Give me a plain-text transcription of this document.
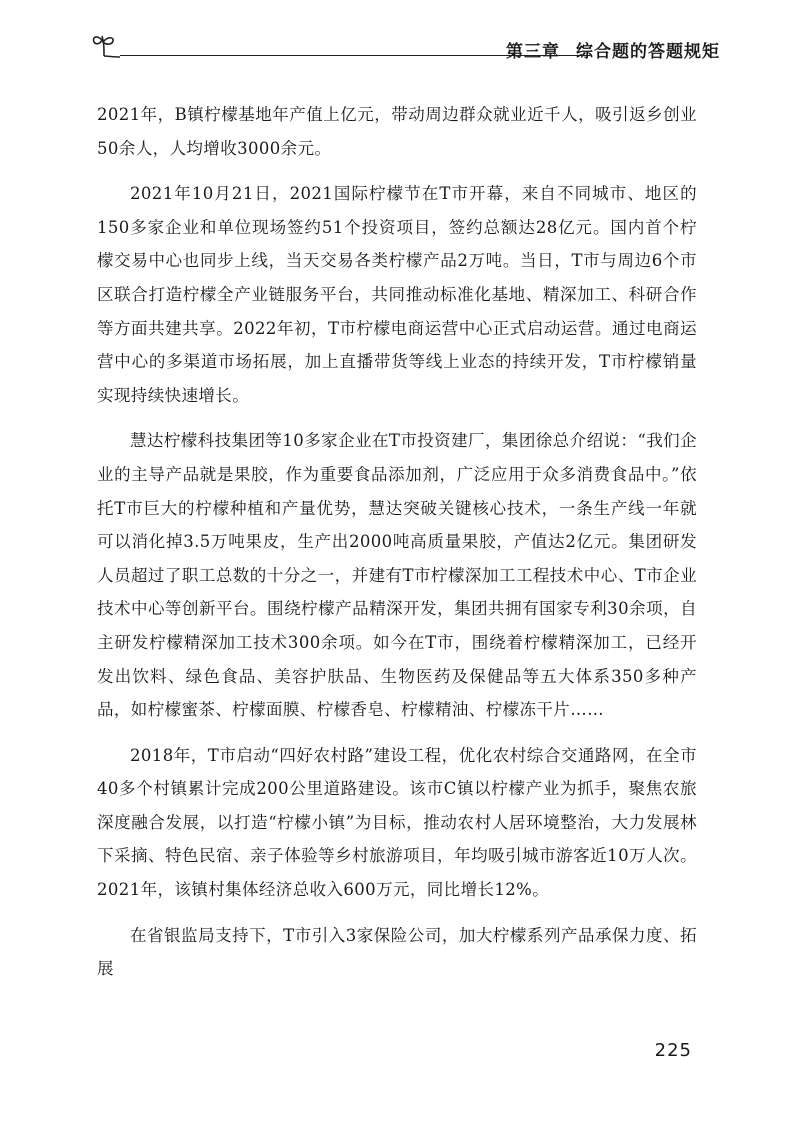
第三章 综合题的答题规矩

2021年，B镇柠檬基地年产值上亿元，带动周边群众就业近千人，吸引返乡创业50余人，人均增收3000余元。

2021年10月21日，2021国际柠檬节在T市开幕，来自不同城市、地区的150多家企业和单位现场签约51个投资项目，签约总额达28亿元。国内首个柠檬交易中心也同步上线，当天交易各类柠檬产品2万吨。当日，T市与周边6个市区联合打造柠檬全产业链服务平台，共同推动标准化基地、精深加工、科研合作等方面共建共享。2022年初，T市柠檬电商运营中心正式启动运营。通过电商运营中心的多渠道市场拓展，加上直播带货等线上业态的持续开发，T市柠檬销量实现持续快速增长。

慧达柠檬科技集团等10多家企业在T市投资建厂，集团徐总介绍说：“我们企业的主导产品就是果胶，作为重要食品添加剂，广泛应用于众多消费食品中。”依托T市巨大的柠檬种植和产量优势，慧达突破关键核心技术，一条生产线一年就可以消化掉3.5万吨果皮，生产出2000吨高质量果胶，产值达2亿元。集团研发人员超过了职工总数的十分之一，并建有T市柠檬深加工工程技术中心、T市企业技术中心等创新平台。围绕柠檬产品精深开发，集团共拥有国家专利30余项，自主研发柠檬精深加工技术300余项。如今在T市，围绕着柠檬精深加工，已经开发出饮料、绿色食品、美容护肤品、生物医药及保健品等五大体系350多种产品，如柠檬蜜茶、柠檬面膜、柠檬香皂、柠檬精油、柠檬冻干片……

2018年，T市启动“四好农村路”建设工程，优化农村综合交通路网，在全市40多个村镇累计完成200公里道路建设。该市C镇以柠檬产业为抓手，聚焦农旅深度融合发展，以打造“柠檬小镇”为目标，推动农村人居环境整治，大力发展林下采摘、特色民宿、亲子体验等乡村旅游项目，年均吸引城市游客近10万人次。2021年，该镇村集体经济总收入600万元，同比增长12%。

在省银监局支持下，T市引入3家保险公司，加大柠檬系列产品承保力度、拓展

225
